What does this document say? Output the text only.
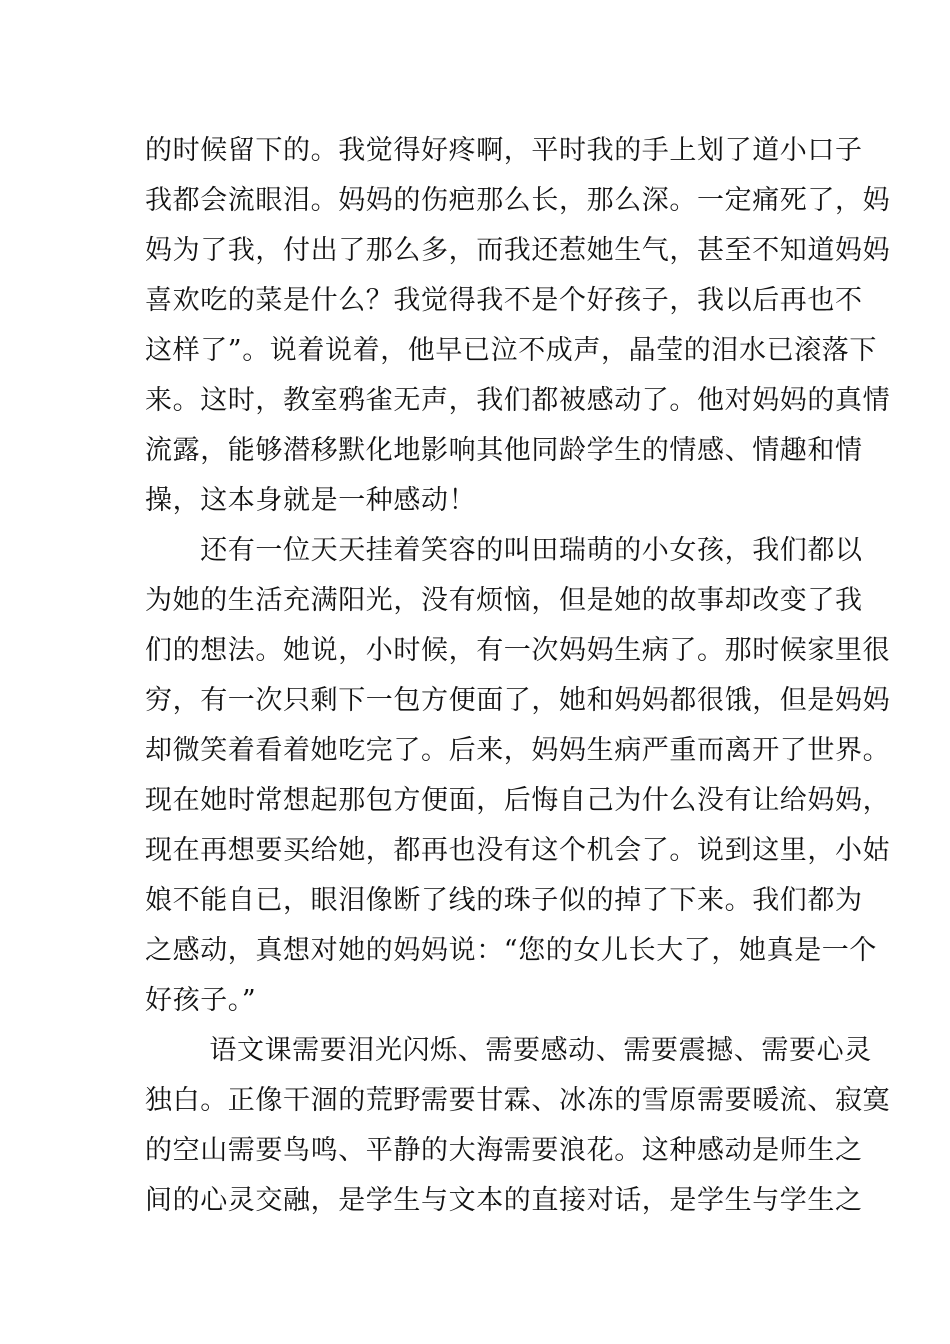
的时候留下的。我觉得好疼啊，平时我的手上划了道小口子
我都会流眼泪。妈妈的伤疤那么长，那么深。一定痛死了，妈
妈为了我，付出了那么多，而我还惹她生气，甚至不知道妈妈
喜欢吃的菜是什么？我觉得我不是个好孩子，我以后再也不
这样了”。说着说着，他早已泣不成声，晶莹的泪水已滚落下
来。这时，教室鸦雀无声，我们都被感动了。他对妈妈的真情
流露，能够潜移默化地影响其他同龄学生的情感、情趣和情
操，这本身就是一种感动！
　　还有一位天天挂着笑容的叫田瑞萌的小女孩，我们都以
为她的生活充满阳光，没有烦恼，但是她的故事却改变了我
们的想法。她说，小时候，有一次妈妈生病了。那时候家里很
穷，有一次只剩下一包方便面了，她和妈妈都很饿，但是妈妈
却微笑着看着她吃完了。后来，妈妈生病严重而离开了世界。
现在她时常想起那包方便面，后悔自己为什么没有让给妈妈，
现在再想要买给她，都再也没有这个机会了。说到这里，小姑
娘不能自已，眼泪像断了线的珠子似的掉了下来。我们都为
之感动，真想对她的妈妈说：“您的女儿长大了，她真是一个
好孩子。”
　　 语文课需要泪光闪烁、需要感动、需要震撼、需要心灵
独白。正像干涸的荒野需要甘霖、冰冻的雪原需要暖流、寂寞
的空山需要鸟鸣、平静的大海需要浪花。这种感动是师生之
间的心灵交融，是学生与文本的直接对话，是学生与学生之
